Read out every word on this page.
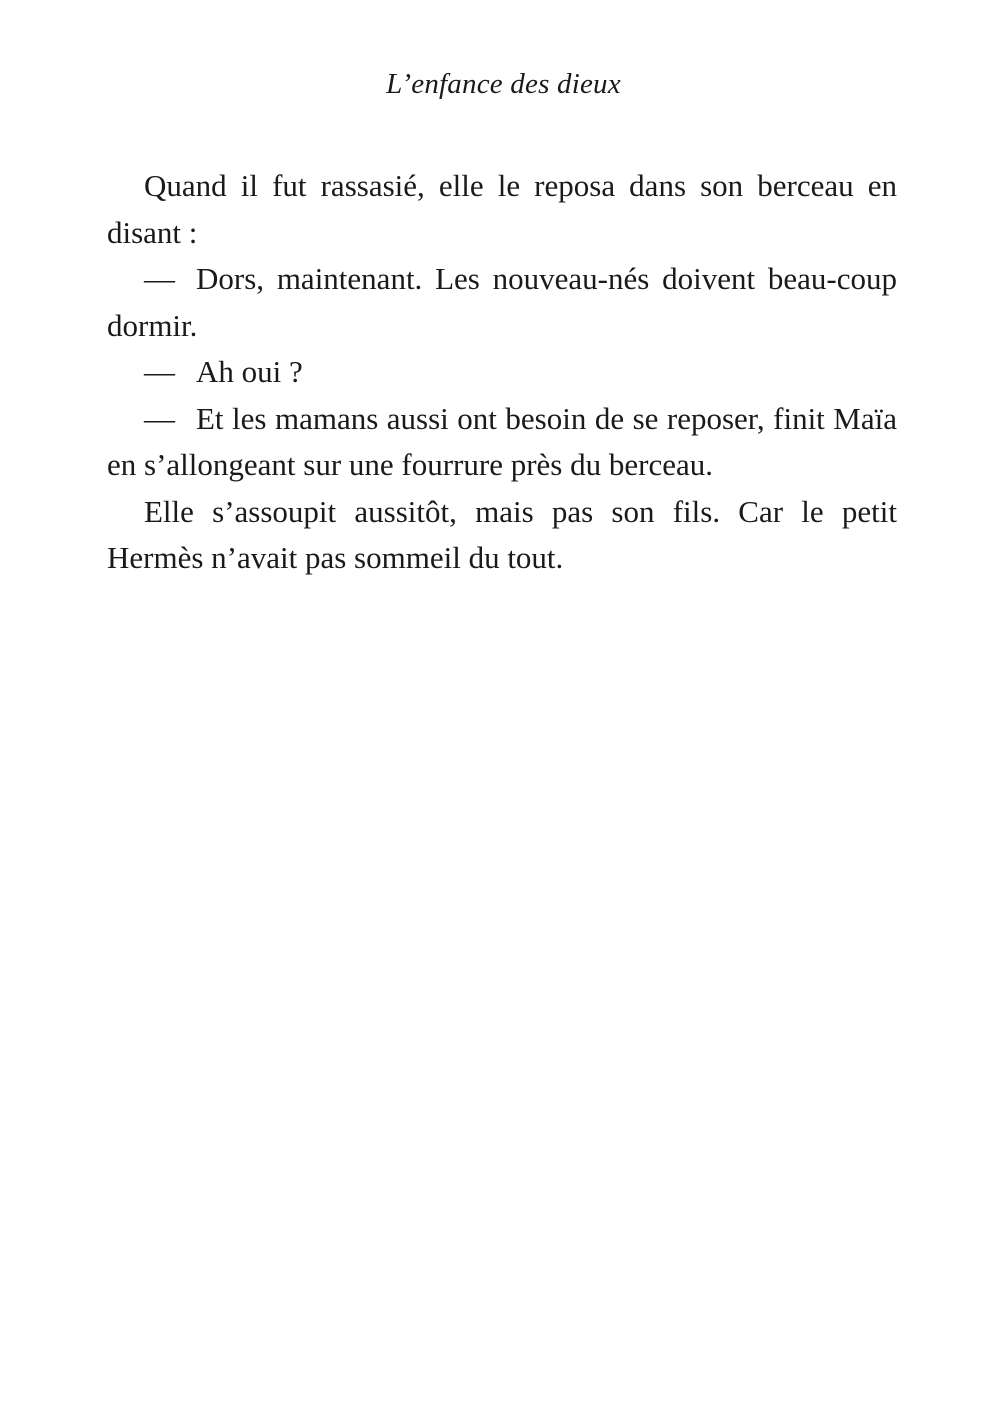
L’enfance des dieux

Quand il fut rassasié, elle le reposa dans son berceau en disant :

— Dors, maintenant. Les nouveau-nés doivent beau-coup dormir.

— Ah oui ?

— Et les mamans aussi ont besoin de se reposer, finit Maïa en s’allongeant sur une fourrure près du berceau.

Elle s’assoupit aussitôt, mais pas son fils. Car le petit Hermès n’avait pas sommeil du tout.
